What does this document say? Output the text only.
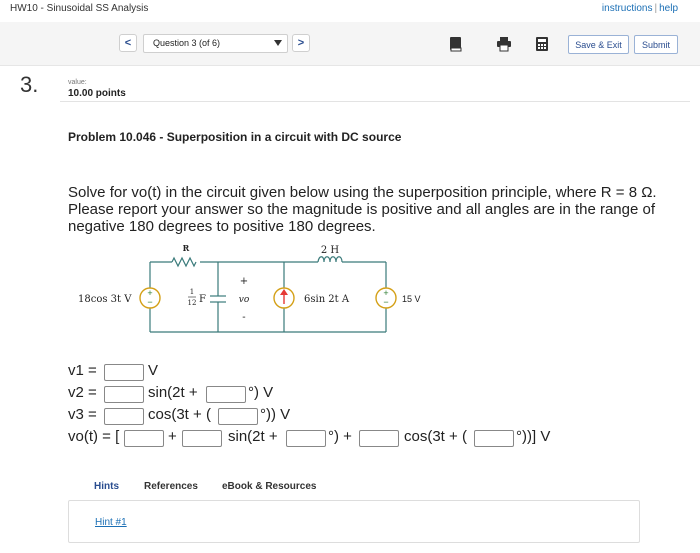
HW10 - Sinusoidal SS Analysis	instructions | help
<	Question 3 (of 6)	>	Save & Exit	Submit
3.	value:
10.00 points
Problem 10.046 - Superposition in a circuit with DC source
Solve for vo(t) in the circuit given below using the superposition principle, where R = 8 Ω. Please report your answer so the magnitude is positive and all angles are in the range of negative 180 degrees to positive 180 degrees.
+
−
+
−
R	2 H
18cos 3t V
1
12 F
+
vo
-
6sin 2t A	15 V
v1 =	V
v2 =	sin(2t +	°) V
v3 =	cos(3t + (	°)) V
vo(t) = [	+	sin(2t +	°) +	cos(3t + (	°))] V
Hints	References eBook & Resources
Hint #1
